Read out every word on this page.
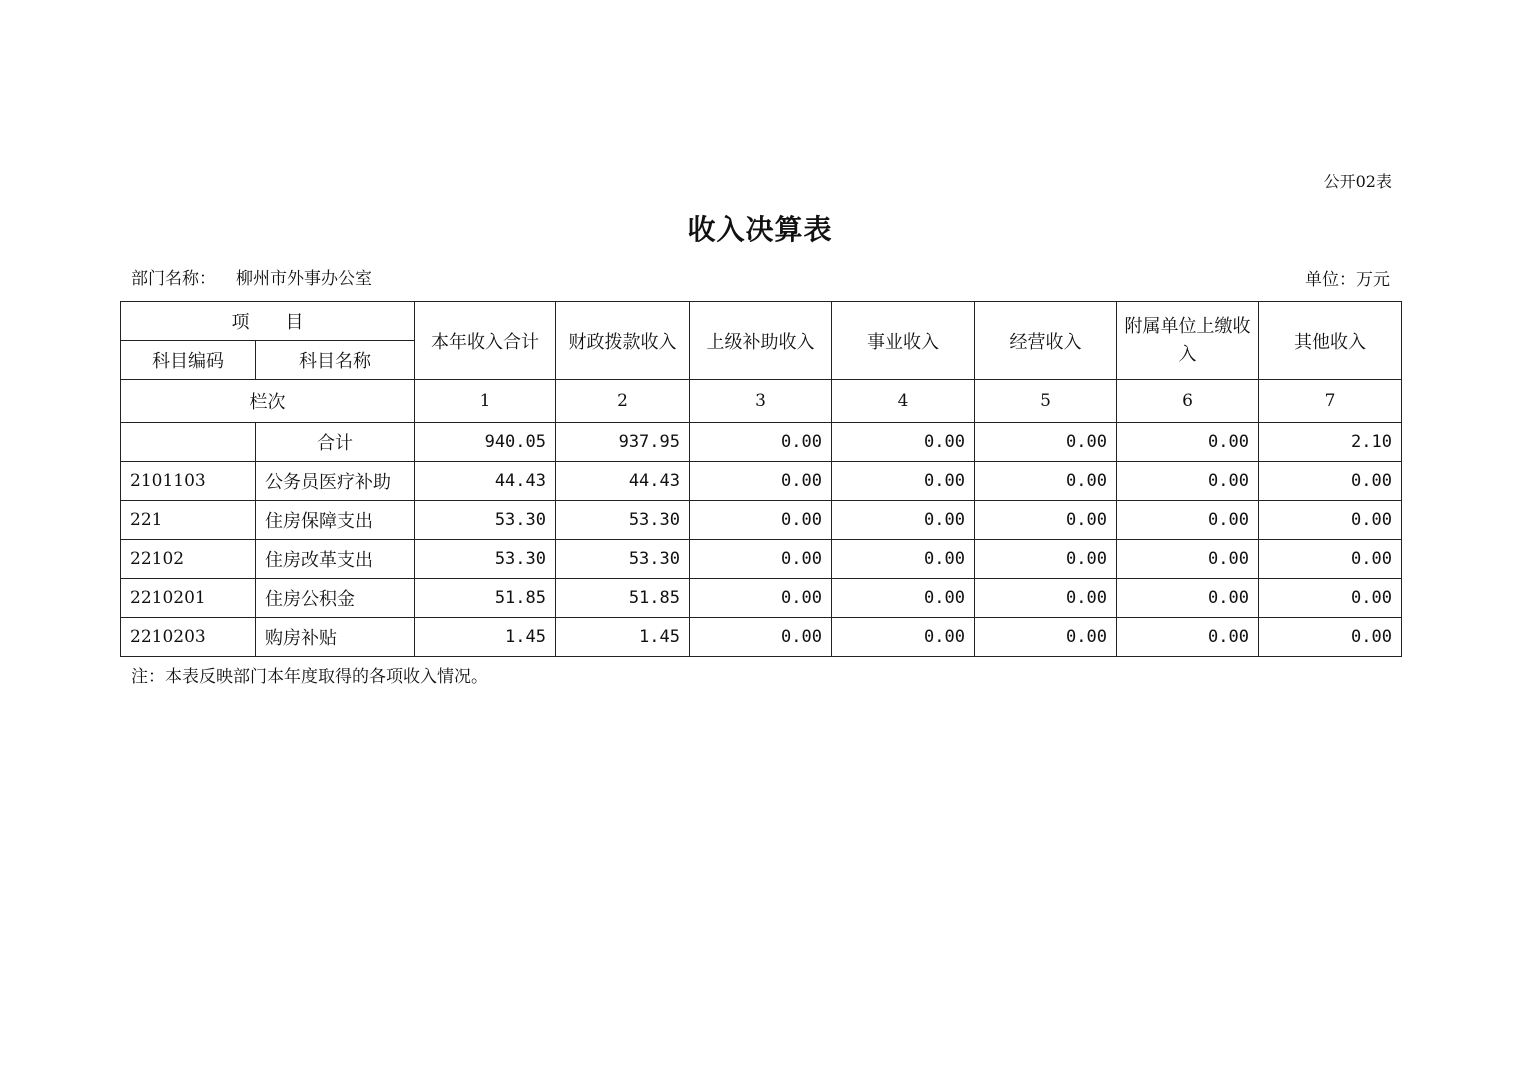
公开02表
收入决算表
部门名称： 柳州市外事办公室	单位：万元
项　　目		本年收入合计	财政拨款收入	上级补助收入	事业收入	经营收入	附属单位上缴收入	其他收入
科目编码	科目名称							
栏次		1	2	3	4	5	6	7
	合计	940.05	937.95	0.00	0.00	0.00	0.00	2.10
2101103	公务员医疗补助	44.43	44.43	0.00	0.00	0.00	0.00	0.00
221	住房保障支出	53.30	53.30	0.00	0.00	0.00	0.00	0.00
22102	住房改革支出	53.30	53.30	0.00	0.00	0.00	0.00	0.00
2210201	住房公积金	51.85	51.85	0.00	0.00	0.00	0.00	0.00
2210203	购房补贴	1.45	1.45	0.00	0.00	0.00	0.00	0.00
注：本表反映部门本年度取得的各项收入情况。
